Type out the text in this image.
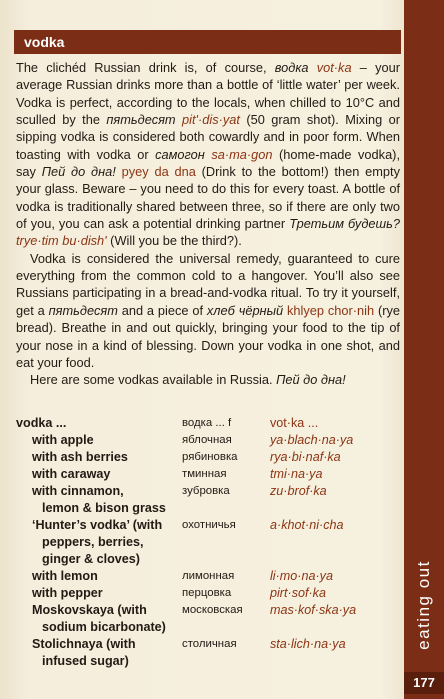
vodka

The clichéd Russian drink is, of course, водка vot·ka – your average Russian drinks more than a bottle of ‘little water’ per week. Vodka is perfect, according to the locals, when chilled to 10°C and sculled by the пятьдесят pit'·dis·yat (50 gram shot). Mixing or sipping vodka is considered both cowardly and in poor form. When toasting with vodka or самогон sa·ma·gon (home-made vodka), say Пей до дна! pyey da dna (Drink to the bottom!) then empty your glass. Beware – you need to do this for every toast. A bottle of vodka is traditionally shared between three, so if there are only two of you, you can ask a potential drinking partner Третьим будешь? trye·tim bu·dish' (Will you be the third?).

Vodka is considered the universal remedy, guaranteed to cure everything from the common cold to a hangover. You’ll also see Russians participating in a bread-and-vodka ritual. To try it yourself, get a пятьдесят and a piece of хлеб чёрный khlyep chor·nih (rye bread). Breathe in and out quickly, bringing your food to the tip of your nose in a kind of blessing. Down your vodka in one shot, and eat your food.

Here are some vodkas available in Russia. Пей до дна!

vodka ...	водка ... f	vot·ka ...
with apple	яблочная	ya·blach·na·ya
with ash berries	рябиновка	rya·bi·naf·ka
with caraway	тминная	tmi·na·ya
with cinnamon,	зубровка	zu·brof·ka
lemon & bison grass
‘Hunter’s vodka’ (with	охотничья	a·khot·ni·cha
peppers, berries,
ginger & cloves)
with lemon	лимонная	li·mo·na·ya
with pepper	перцовка	pirt·sof·ka
Moskovskaya (with	московская	mas·kof·ska·ya
sodium bicarbonate)
Stolichnaya (with	столичная	sta·lich·na·ya
infused sugar)
eating out
177
